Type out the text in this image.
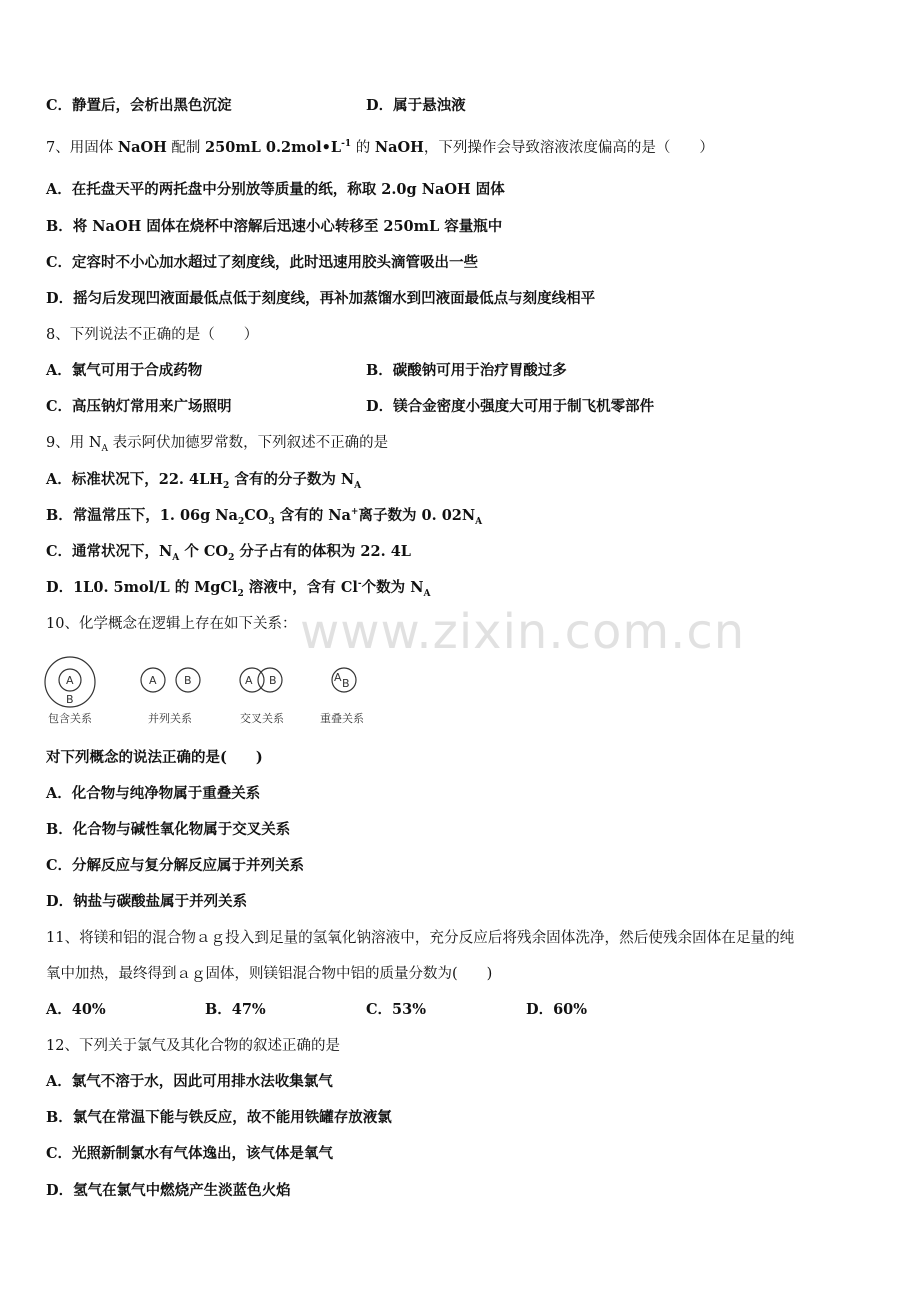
www.zixin.com.cn
C．静置后，会析出黑色沉淀	D．属于悬浊液
7、用固体 NaOH 配制 250mL $0.2mol•L^{-1}$ 的 NaOH，下列操作会导致溶液浓度偏高的是（　　）
A．在托盘天平的两托盘中分别放等质量的纸，称取 2.0g NaOH 固体
B．将 NaOH 固体在烧杯中溶解后迅速小心转移至 250mL 容量瓶中
C．定容时不小心加水超过了刻度线，此时迅速用胶头滴管吸出一些
D．摇匀后发现凹液面最低点低于刻度线，再补加蒸馏水到凹液面最低点与刻度线相平
8、下列说法不正确的是（　　）
A．氯气可用于合成药物	B．碳酸钠可用于治疗胃酸过多
C．高压钠灯常用来广场照明	D．镁合金密度小强度大可用于制飞机零部件
9、用 $N_A$ 表示阿伏加德罗常数，下列叙述不正确的是
A．标准状况下，22. $4LH_2$ 含有的分子数为 $N_A$
B．常温常压下，1. 06g $Na_2CO_3$ 含有的 Na+离子数为 0. $02N_A$
C．通常状况下，$N_A$ 个 $CO_2$ 分子占有的体积为 22. 4L
D．1L0. 5mol/L 的 MgCl$_2$ 溶液中，含有 Cl-个数为 $N_A$
10、化学概念在逻辑上存在如下关系：
A
B
包含关系
A B
并列关系
A B
交叉关系
A B
重叠关系
对下列概念的说法正确的是(　　)
A．化合物与纯净物属于重叠关系
B．化合物与碱性氧化物属于交叉关系
C．分解反应与复分解反应属于并列关系
D．钠盐与碳酸盐属于并列关系
11、将镁和铝的混合物ａｇ投入到足量的氢氧化钠溶液中，充分反应后将残余固体洗净，然后使残余固体在足量的纯
氧中加热，最终得到ａｇ固体，则镁铝混合物中铝的质量分数为(　　)
A．40%	B．47%	C．53%	D．60%
12、下列关于氯气及其化合物的叙述正确的是
A．氯气不溶于水，因此可用排水法收集氯气
B．氯气在常温下能与铁反应，故不能用铁罐存放液氯
C．光照新制氯水有气体逸出，该气体是氧气
D．氢气在氯气中燃烧产生淡蓝色火焰
